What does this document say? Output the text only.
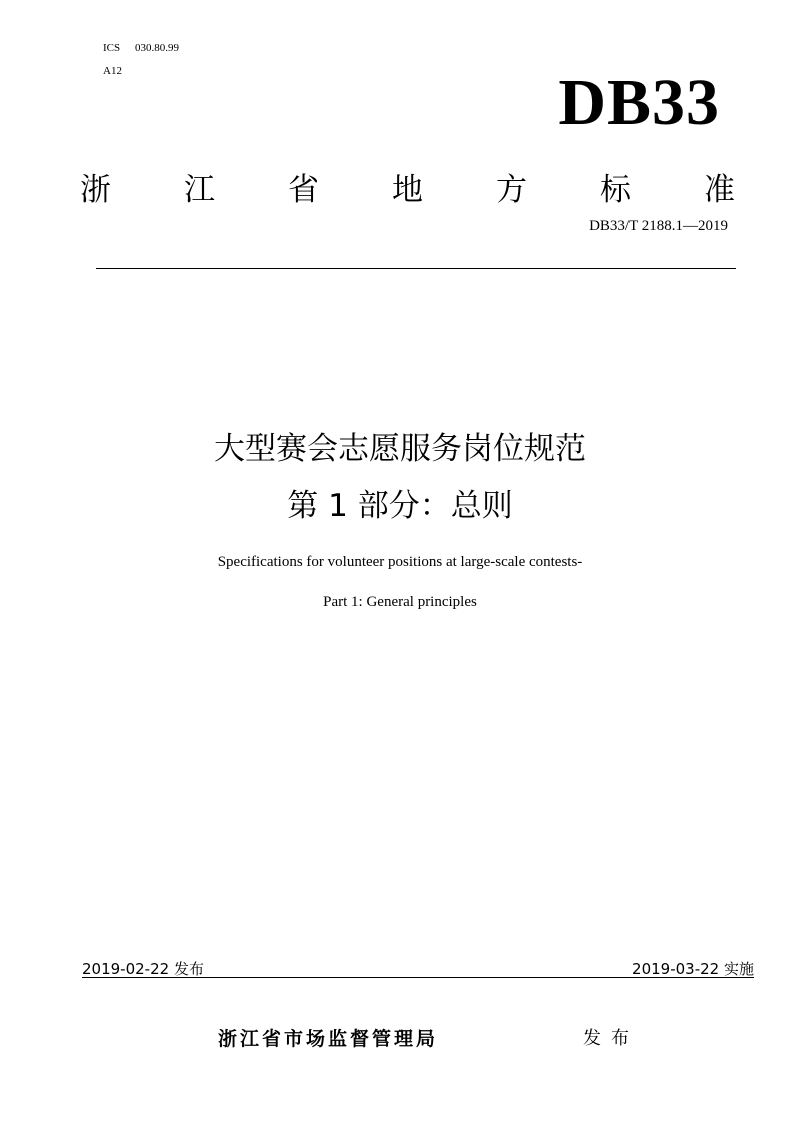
ICS 030.80.99
A12	DB33
浙 江 省 地 方 标 准
DB33/T 2188.1—2019
大型赛会志愿服务岗位规范
第 1 部分：总则
Specifications for volunteer positions at large-scale contests-
Part 1: General principles
2019-02-22 发布	2019-03-22 实施
浙江省市场监督管理局	发布
